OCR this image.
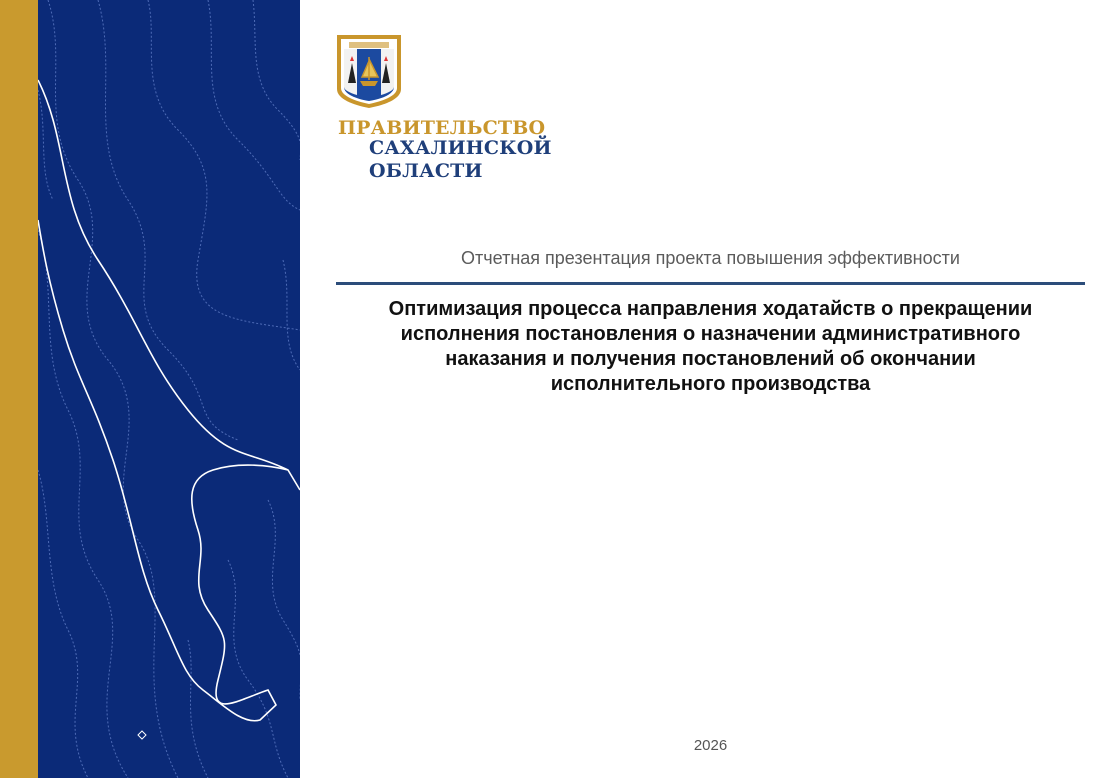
ПРАВИТЕЛЬСТВО
САХАЛИНСКОЙ
ОБЛАСТИ
Отчетная презентация проекта повышения эффективности
Оптимизация процесса направления ходатайств о прекращении
исполнения постановления о назначении административного
наказания и получения постановлений об окончании
исполнительного производства
2026
